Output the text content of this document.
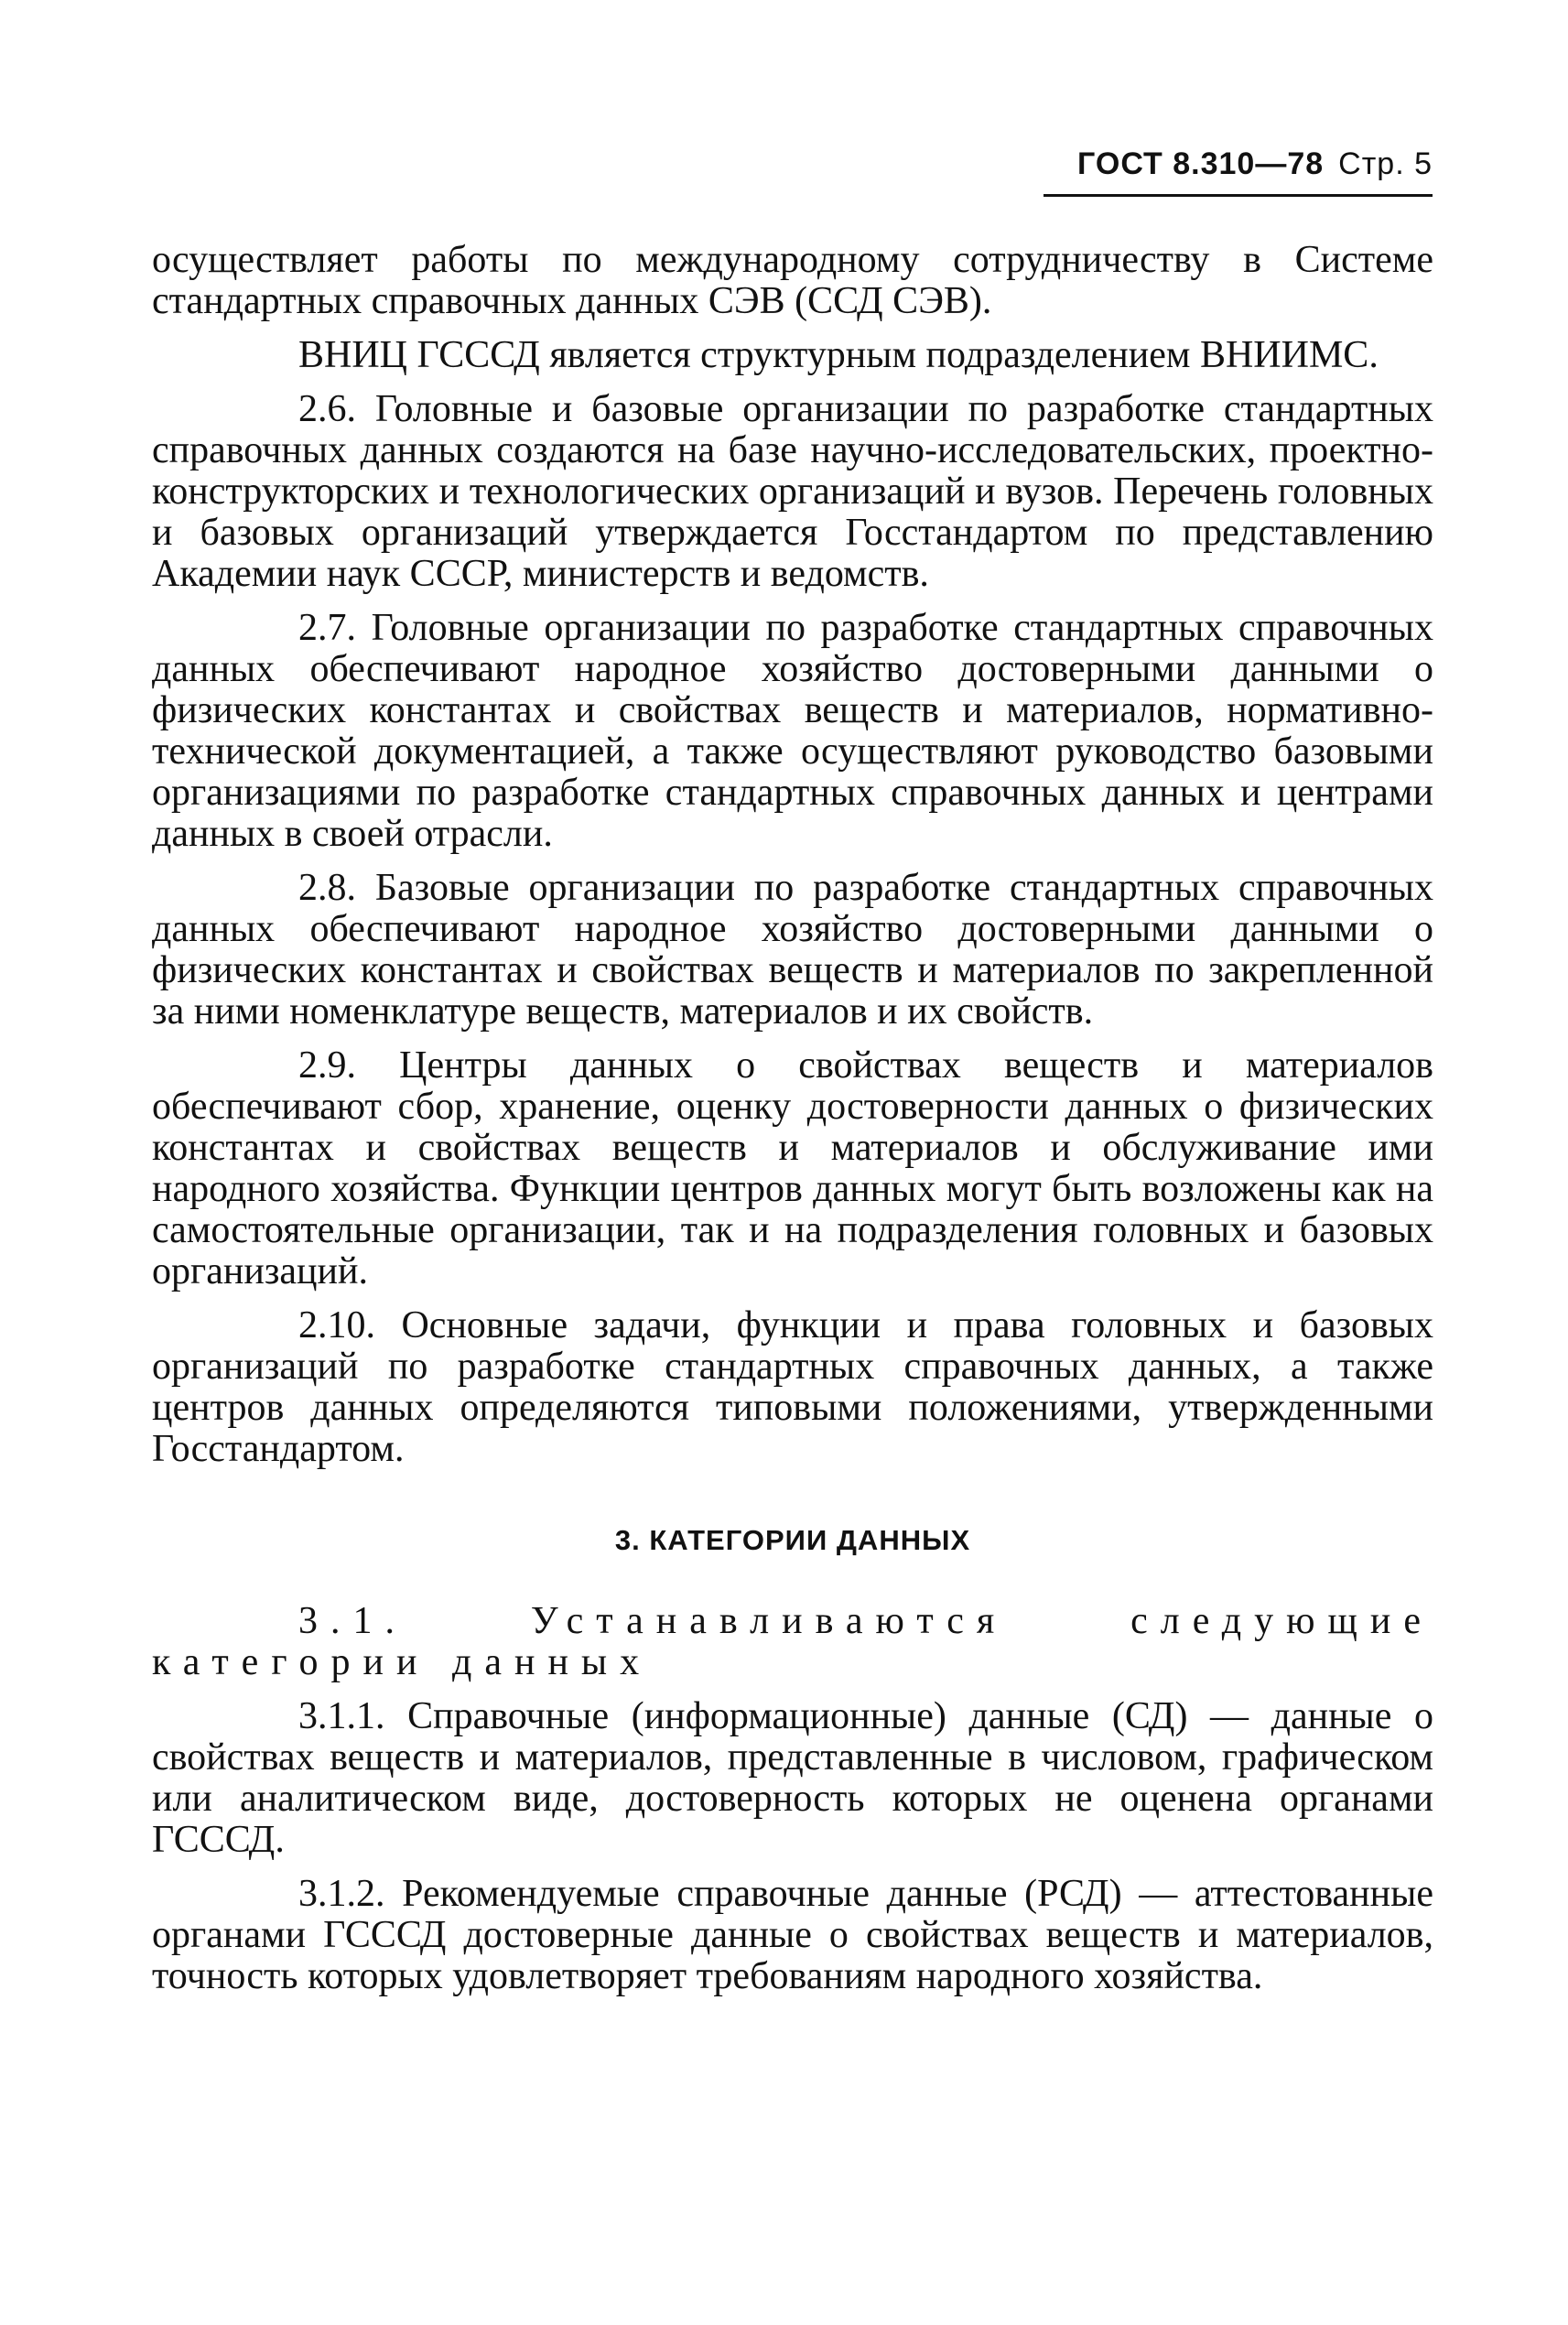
ГОСТ 8.310—78 Стр. 5

осуществляет работы по международному сотрудничеству в Системе стандартных справочных данных СЭВ (ССД СЭВ).

ВНИЦ ГСССД является структурным подразделением ВНИИМС.

2.6. Головные и базовые организации по разработке стандартных справочных данных создаются на базе научно-исследовательских, проектно-конструкторских и технологических организаций и вузов. Перечень головных и базовых организаций утверждается Госстандартом по представлению Академии наук СССР, министерств и ведомств.

2.7. Головные организации по разработке стандартных справочных данных обеспечивают народное хозяйство достоверными данными о физических константах и свойствах веществ и материалов, нормативно-технической документацией, а также осуществляют руководство базовыми организациями по разработке стандартных справочных данных и центрами данных в своей отрасли.

2.8. Базовые организации по разработке стандартных справочных данных обеспечивают народное хозяйство достоверными данными о физических константах и свойствах веществ и материалов по закрепленной за ними номенклатуре веществ, материалов и их свойств.

2.9. Центры данных о свойствах веществ и материалов обеспечивают сбор, хранение, оценку достоверности данных о физических константах и свойствах веществ и материалов и обслуживание ими народного хозяйства. Функции центров данных могут быть возложены как на самостоятельные организации, так и на подразделения головных и базовых организаций.

2.10. Основные задачи, функции и права головных и базовых организаций по разработке стандартных справочных данных, а также центров данных определяются типовыми положениями, утвержденными Госстандартом.

3. КАТЕГОРИИ ДАННЫХ

3.1. Устанавливаются следующие категории данных

3.1.1. Справочные (информационные) данные (СД) — данные о свойствах веществ и материалов, представленные в числовом, графическом или аналитическом виде, достоверность которых не оценена органами ГСССД.

3.1.2. Рекомендуемые справочные данные (РСД) — аттестованные органами ГСССД достоверные данные о свойствах веществ и материалов, точность которых удовлетворяет требованиям народного хозяйства.
